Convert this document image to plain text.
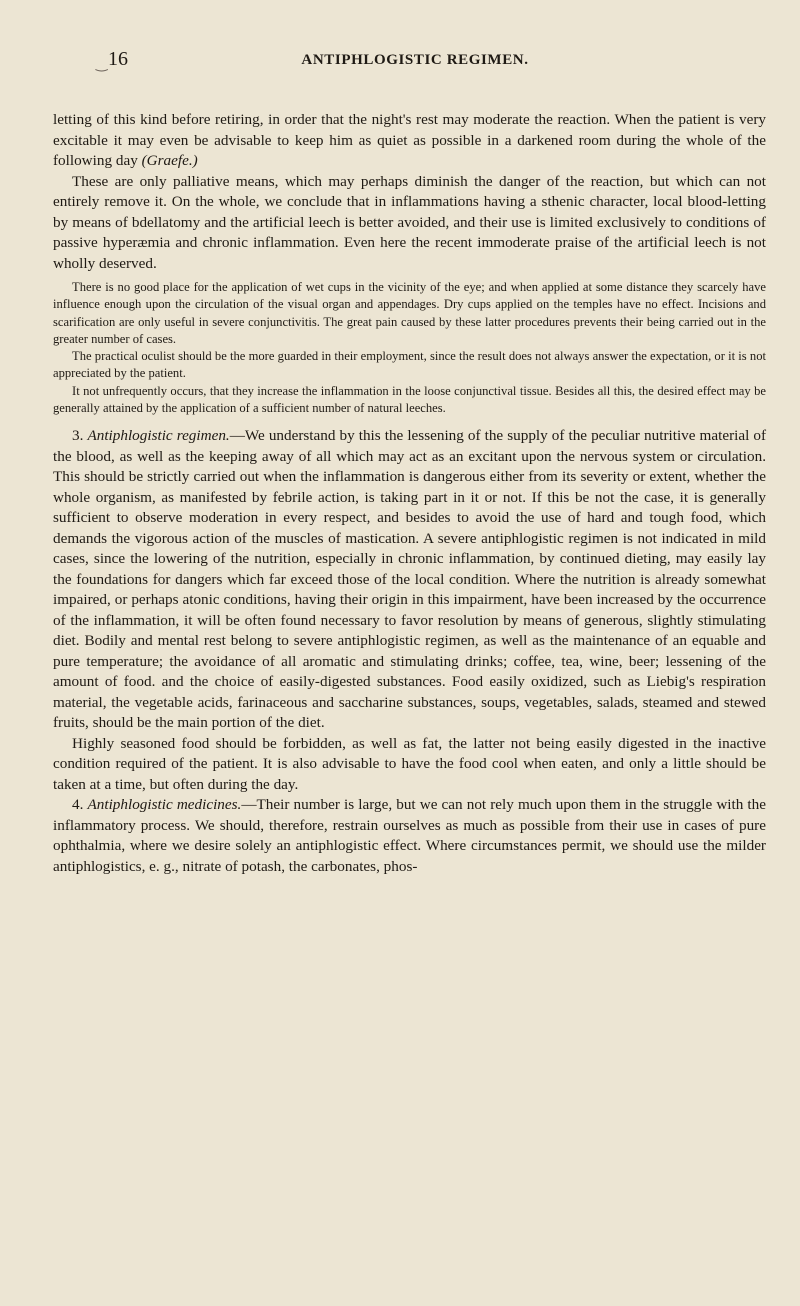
‿ 16	ANTIPHLOGISTIC REGIMEN.

letting of this kind before retiring, in order that the night's rest may moderate the reaction. When the patient is very excitable it may even be advisable to keep him as quiet as possible in a darkened room during the whole of the following day (Graefe.)

These are only palliative means, which may perhaps diminish the danger of the reaction, but which can not entirely remove it. On the whole, we conclude that in inflammations having a sthenic character, local blood-letting by means of bdellatomy and the artificial leech is better avoided, and their use is limited exclusively to conditions of passive hyperæmia and chronic inflammation. Even here the recent immoderate praise of the artificial leech is not wholly deserved.

There is no good place for the application of wet cups in the vicinity of the eye; and when applied at some distance they scarcely have influence enough upon the circulation of the visual organ and appendages. Dry cups applied on the temples have no effect. Incisions and scarification are only useful in severe conjunctivitis. The great pain caused by these latter procedures prevents their being carried out in the greater number of cases.

The practical oculist should be the more guarded in their employment, since the result does not always answer the expectation, or it is not appreciated by the patient.

It not unfrequently occurs, that they increase the inflammation in the loose conjunctival tissue. Besides all this, the desired effect may be generally attained by the application of a sufficient number of natural leeches.

3. Antiphlogistic regimen.—We understand by this the lessening of the supply of the peculiar nutritive material of the blood, as well as the keeping away of all which may act as an excitant upon the nervous system or circulation. This should be strictly carried out when the inflammation is dangerous either from its severity or extent, whether the whole organism, as manifested by febrile action, is taking part in it or not. If this be not the case, it is generally sufficient to observe moderation in every respect, and besides to avoid the use of hard and tough food, which demands the vigorous action of the muscles of mastication. A severe antiphlogistic regimen is not indicated in mild cases, since the lowering of the nutrition, especially in chronic inflammation, by continued dieting, may easily lay the foundations for dangers which far exceed those of the local condition. Where the nutrition is already somewhat impaired, or perhaps atonic conditions, having their origin in this impairment, have been increased by the occurrence of the inflammation, it will be often found necessary to favor resolution by means of generous, slightly stimulating diet. Bodily and mental rest belong to severe antiphlogistic regimen, as well as the maintenance of an equable and pure temperature; the avoidance of all aromatic and stimulating drinks; coffee, tea, wine, beer; lessening of the amount of food. and the choice of easily-digested substances. Food easily oxidized, such as Liebig's respiration material, the vegetable acids, farinaceous and saccharine substances, soups, vegetables, salads, steamed and stewed fruits, should be the main portion of the diet.

Highly seasoned food should be forbidden, as well as fat, the latter not being easily digested in the inactive condition required of the patient. It is also advisable to have the food cool when eaten, and only a little should be taken at a time, but often during the day.

4. Antiphlogistic medicines.—Their number is large, but we can not rely much upon them in the struggle with the inflammatory process. We should, therefore, restrain ourselves as much as possible from their use in cases of pure ophthalmia, where we desire solely an antiphlogistic effect. Where circumstances permit, we should use the milder antiphlogistics, e. g., nitrate of potash, the carbonates, phos-
